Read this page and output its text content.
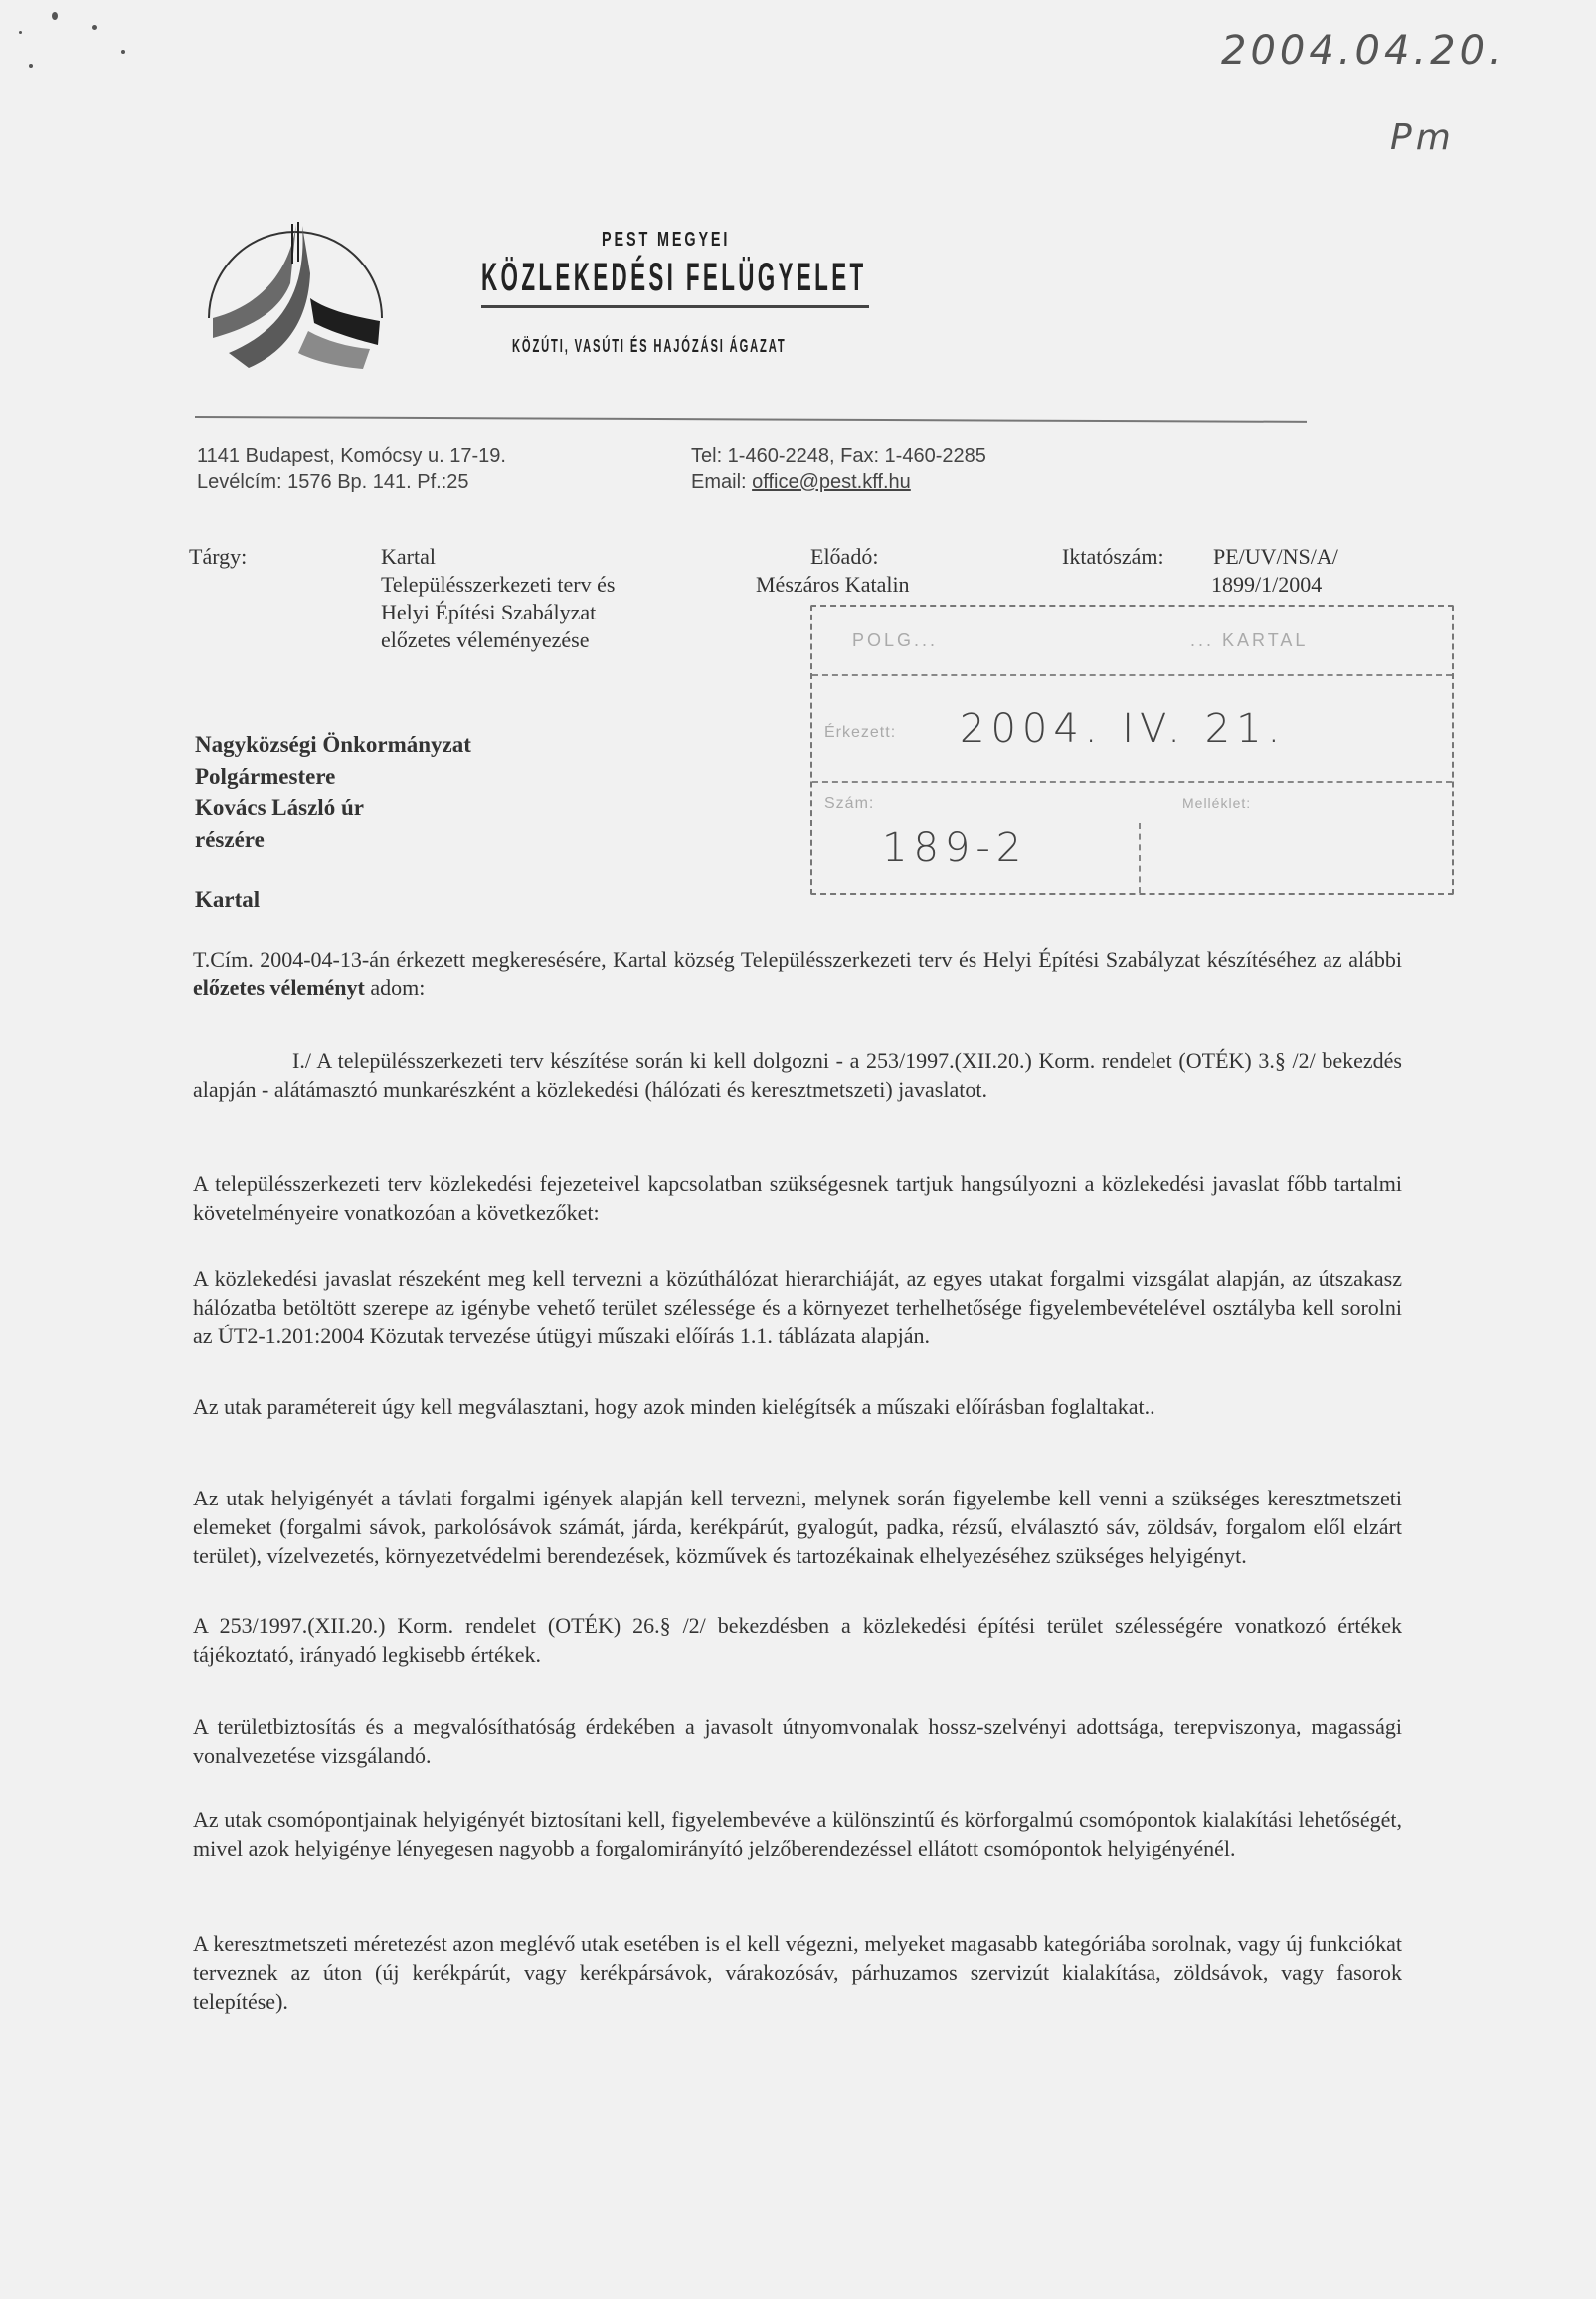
2004.04.20.
Pm
PEST MEGYEI
KÖZLEKEDÉSI FELÜGYELET
KÖZÚTI, VASÚTI ÉS HAJÓZÁSI ÁGAZAT
1141 Budapest, Komócsy u. 17-19.
Levélcím: 1576 Bp. 141. Pf.:25
Tel: 1-460-2248, Fax: 1-460-2285
Email: office@pest.kff.hu
Tárgy:	Kartal
Településszerkezeti terv és
Helyi Építési Szabályzat
előzetes véleményezése
Előadó:
Mészáros Katalin
Iktatószám: PE/UV/NS/A/
1899/1/2004
POLG...	... KARTAL
Érkezett: 2004. IV. 21.
Szám:
189-2
Melléklet:
Nagyközségi Önkormányzat
Polgármestere
Kovács László úr
részére
Kartal
T.Cím. 2004-04-13-án érkezett megkeresésére, Kartal község Településszerkezeti terv és Helyi Építési Szabályzat készítéséhez az alábbi előzetes véleményt adom:
I./ A településszerkezeti terv készítése során ki kell dolgozni - a 253/1997.(XII.20.) Korm. rendelet (OTÉK) 3.§ /2/ bekezdés alapján - alátámasztó munkarészként a közlekedési (hálózati és keresztmetszeti) javaslatot.
A településszerkezeti terv közlekedési fejezeteivel kapcsolatban szükségesnek tartjuk hangsúlyozni a közlekedési javaslat főbb tartalmi követelményeire vonatkozóan a következőket:
A közlekedési javaslat részeként meg kell tervezni a közúthálózat hierarchiáját, az egyes utakat forgalmi vizsgálat alapján, az útszakasz hálózatba betöltött szerepe az igénybe vehető terület szélessége és a környezet terhelhetősége figyelembevételével osztályba kell sorolni az ÚT2-1.201:2004 Közutak tervezése útügyi műszaki előírás 1.1. táblázata alapján.
Az utak paramétereit úgy kell megválasztani, hogy azok minden kielégítsék a műszaki előírásban foglaltakat..
Az utak helyigényét a távlati forgalmi igények alapján kell tervezni, melynek során figyelembe kell venni a szükséges keresztmetszeti elemeket (forgalmi sávok, parkolósávok számát, járda, kerékpárút, gyalogút, padka, rézsű, elválasztó sáv, zöldsáv, forgalom elől elzárt terület), vízelvezetés, környezetvédelmi berendezések, közművek és tartozékainak elhelyezéséhez szükséges helyigényt.
A 253/1997.(XII.20.) Korm. rendelet (OTÉK) 26.§ /2/ bekezdésben a közlekedési építési terület szélességére vonatkozó értékek tájékoztató, irányadó legkisebb értékek.
A területbiztosítás és a megvalósíthatóság érdekében a javasolt útnyomvonalak hossz-szelvényi adottsága, terepviszonya, magassági vonalvezetése vizsgálandó.
Az utak csomópontjainak helyigényét biztosítani kell, figyelembevéve a különszintű és körforgalmú csomópontok kialakítási lehetőségét, mivel azok helyigénye lényegesen nagyobb a forgalomirányító jelzőberendezéssel ellátott csomópontok helyigényénél.
A keresztmetszeti méretezést azon meglévő utak esetében is el kell végezni, melyeket magasabb kategóriába sorolnak, vagy új funkciókat terveznek az úton (új kerékpárút, vagy kerékpársávok, várakozósáv, párhuzamos szervizút kialakítása, zöldsávok, vagy fasorok telepítése).
